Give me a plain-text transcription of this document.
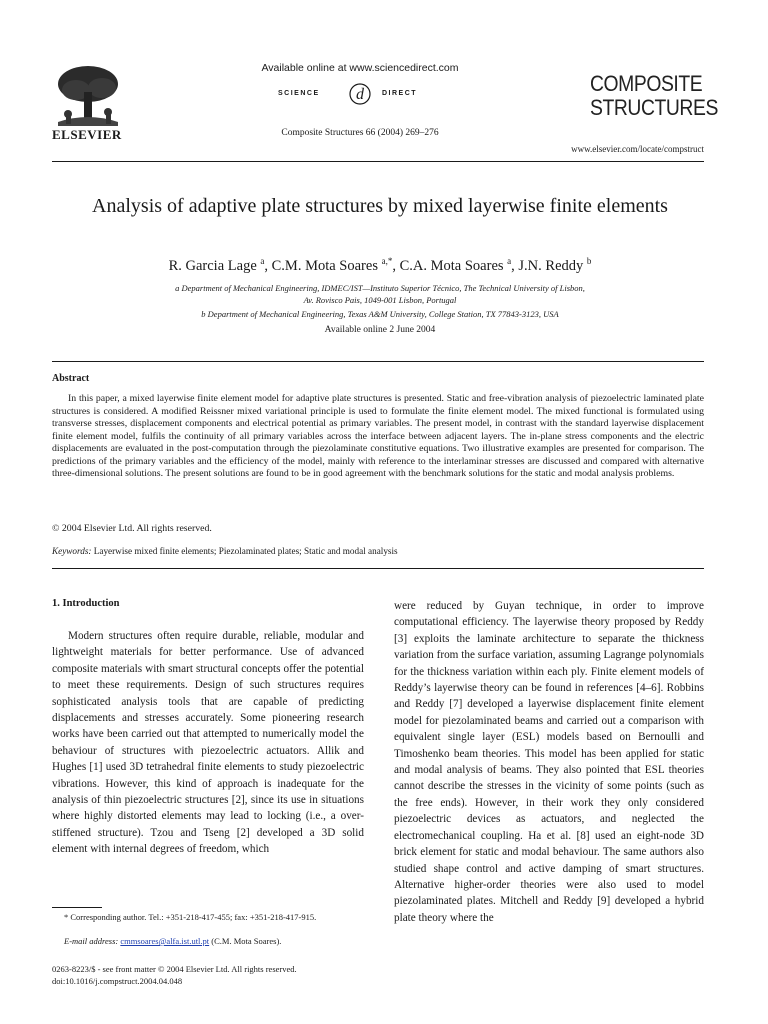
ELSEVIER
Available online at www.sciencedirect.com
SCIENCE d	DIRECT
Composite Structures 66 (2004) 269–276
COMPOSITE
STRUCTURES
www.elsevier.com/locate/compstruct
Analysis of adaptive plate structures by mixed layerwise finite elements
R. Garcia Lage $^a$, C.M. Mota Soares $^{a,*}$, C.A. Mota Soares $^a$, J.N. Reddy $^b$
a Department of Mechanical Engineering, IDMEC/IST—Instituto Superior Técnico, The Technical University of Lisbon,
Av. Rovisco Pais, 1049-001 Lisbon, Portugal
b Department of Mechanical Engineering, Texas A&M University, College Station, TX 77843-3123, USA
Available online 2 June 2004
Abstract
In this paper, a mixed layerwise finite element model for adaptive plate structures is presented. Static and free-vibration analysis of piezoelectric laminated plate structures is considered. A modified Reissner mixed variational principle is used to formulate the finite element model. The mixed functional is formulated using transverse stresses, displacement components and electrical potential as primary variables. The present model, in contrast with the standard layerwise displacement finite element model, fulfils the continuity of all primary variables across the interface between adjacent layers. The in-plane stress components and the electric displacements are evaluated in the post-computation through the piezolaminate constitutive equations. Two illustrative examples are presented for comparison. The predictions of the primary variables and the efficiency of the model, mainly with reference to the interlaminar stresses are discussed and compared with alternative three-dimensional solutions. The present solutions are found to be in good agreement with the benchmark solutions for the static and modal analysis problems.
© 2004 Elsevier Ltd. All rights reserved.
Keywords: Layerwise mixed finite elements; Piezolaminated plates; Static and modal analysis
1. Introduction
Modern structures often require durable, reliable, modular and lightweight materials for better performance. Use of advanced composite materials with smart structural concepts offer the potential to meet these requirements. Design of such structures requires sophisticated analysis tools that are capable of predicting displacements and stresses accurately. Some pioneering research works have been carried out that attempted to numerically model the behaviour of structures with piezoelectric actuators. Allik and Hughes [1] used 3D tetrahedral finite elements to study piezoelectric vibrations. However, this kind of approach is inadequate for the analysis of thin piezoelectric structures [2], since its use in situations where highly distorted elements may lead to locking (i.e., a over-stiffened structure). Tzou and Tseng [2] developed a 3D solid element with internal degrees of freedom, which
were reduced by Guyan technique, in order to improve computational efficiency. The layerwise theory proposed by Reddy [3] exploits the laminate architecture to separate the thickness variation from the surface variation, assuming Lagrange polynomials for the thickness variation within each ply. Finite element models of Reddy’s layerwise theory can be found in references [4–6]. Robbins and Reddy [7] developed a layerwise displacement finite element model for piezolaminated beams and carried out a comparison with equivalent single layer (ESL) models based on Bernoulli and Timoshenko beam theories. This model has been applied for static and modal analysis of beams. They also pointed that ESL theories cannot describe the stresses in the vicinity of some points (such as the free ends). However, in their work they only considered piezoelectric devices as actuators, and neglected the electromechanical coupling. Ha et al. [8] used an eight-node 3D brick element for static and modal behaviour. The same authors also studied shape control and active damping of smart structures. Alternative higher-order theories were also used to model piezolaminated plates. Mitchell and Reddy [9] developed a hybrid plate theory where the
* Corresponding author. Tel.: +351-218-417-455; fax: +351-218-417-915.
E-mail address: cmmsoares@alfa.ist.utl.pt (C.M. Mota Soares).
0263-8223/$ - see front matter © 2004 Elsevier Ltd. All rights reserved.
doi:10.1016/j.compstruct.2004.04.048
